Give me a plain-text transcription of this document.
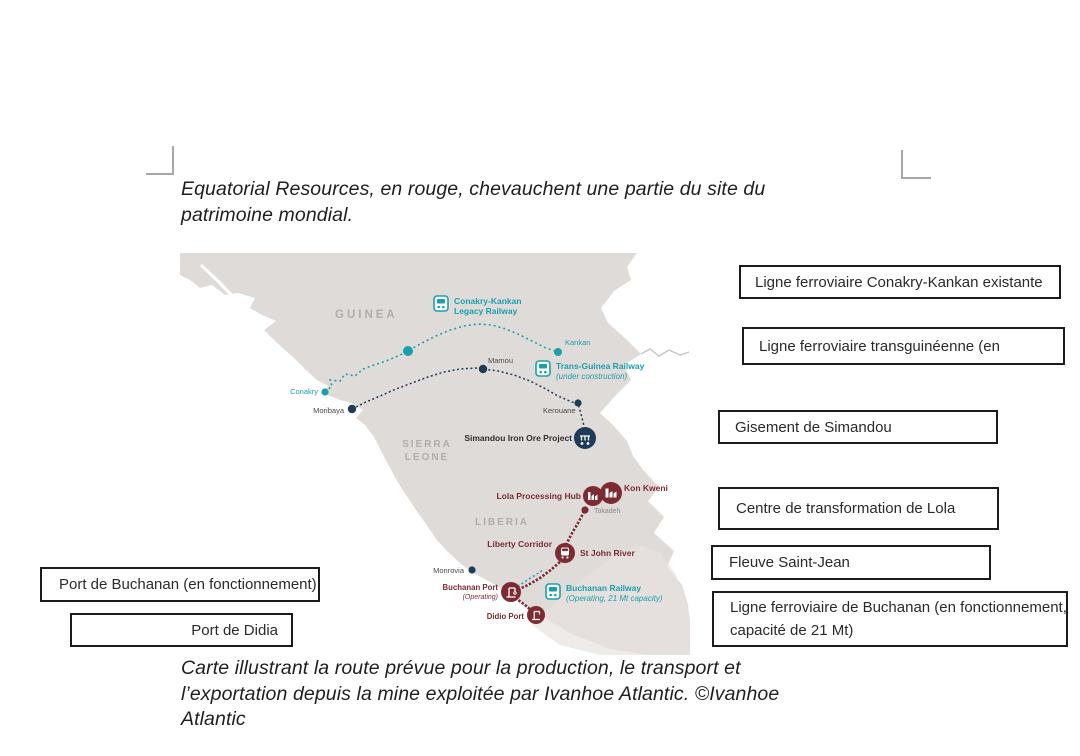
Equatorial Resources, en rouge, chevauchent une partie du site du
patrimoine mondial.
GUINEA
SIERRA
LEONE
LIBERIA
Conakry
Moribaya
Mamou
Kankan
Kerouane
Monrovia
Tokadeh
Conakry-Kankan
Legacy Railway
Trans-Guinea Railway
(under construction)
Buchanan Railway
(Operating, 21 Mt capacity)
Simandou Iron Ore Project
Lola Processing Hub
Kon Kweni
Liberty Corridor
St John River
Buchanan Port
(Operating)
Didio Port
Ligne ferroviaire Conakry-Kankan existante
Ligne ferroviaire transguinéenne (en
Gisement de Simandou
Centre de transformation de Lola
Fleuve Saint-Jean
Ligne ferroviaire de Buchanan (en fonctionnement,
capacité de 21 Mt)
Port de Buchanan (en fonctionnement)
Port de Didia
Carte illustrant la route prévue pour la production, le transport et
l’exportation depuis la mine exploitée par Ivanhoe Atlantic. ©Ivanhoe
Atlantic
